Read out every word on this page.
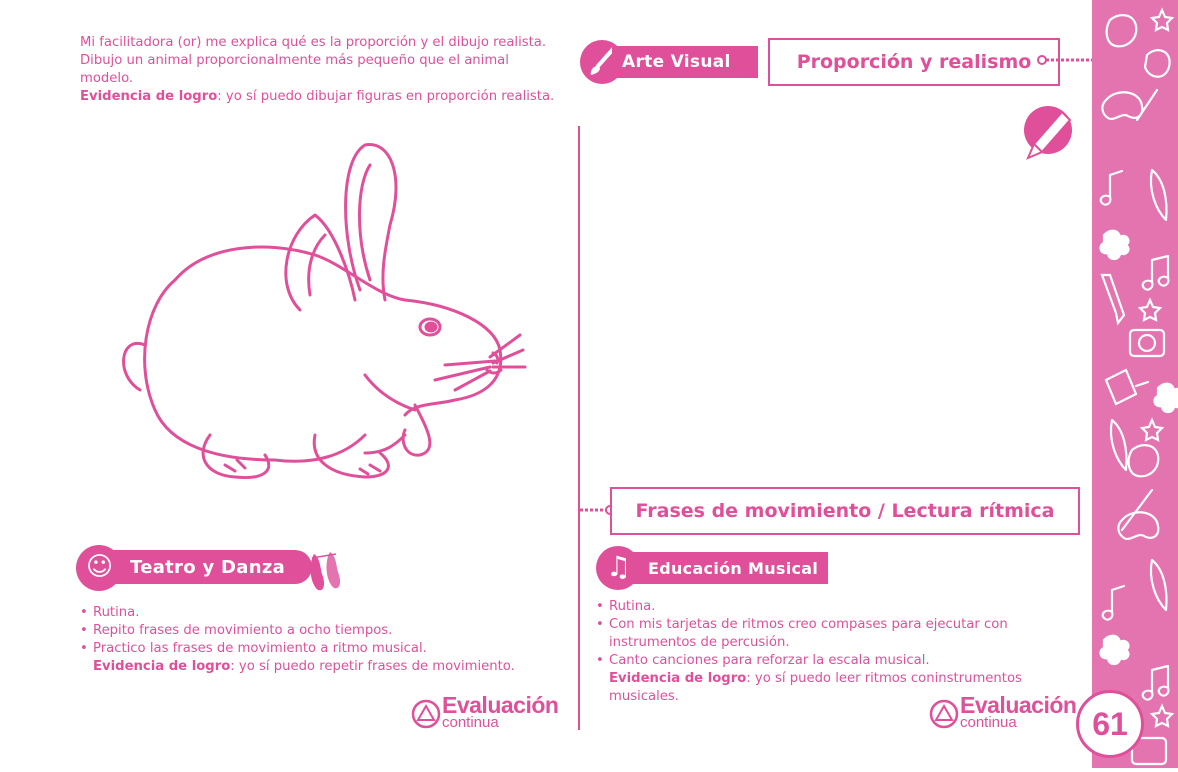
Mi facilitadora (or) me explica qué es la proporción y el dibujo realista.
Dibujo un animal proporcionalmente más pequeño que el animal modelo.
Evidencia de logro: yo sí puedo dibujar figuras en proporción realista.
Arte Visual	Proporción y realismo
Frases de movimiento / Lectura rítmica
Educación Musical
♫
• Rutina.
• Con mis tarjetas de ritmos creo compases para ejecutar con instrumentos de percusión.
• Canto canciones para reforzar la escala musical.
Evidencia de logro: yo sí puedo leer ritmos coninstrumentos musicales.
Teatro y Danza
☺
• Rutina.
• Repito frases de movimiento a ocho tiempos.
• Practico las frases de movimiento a ritmo musical.
Evidencia de logro: yo sí puedo repetir frases de movimiento.
Evaluación
continua
Evaluación
continua	61
